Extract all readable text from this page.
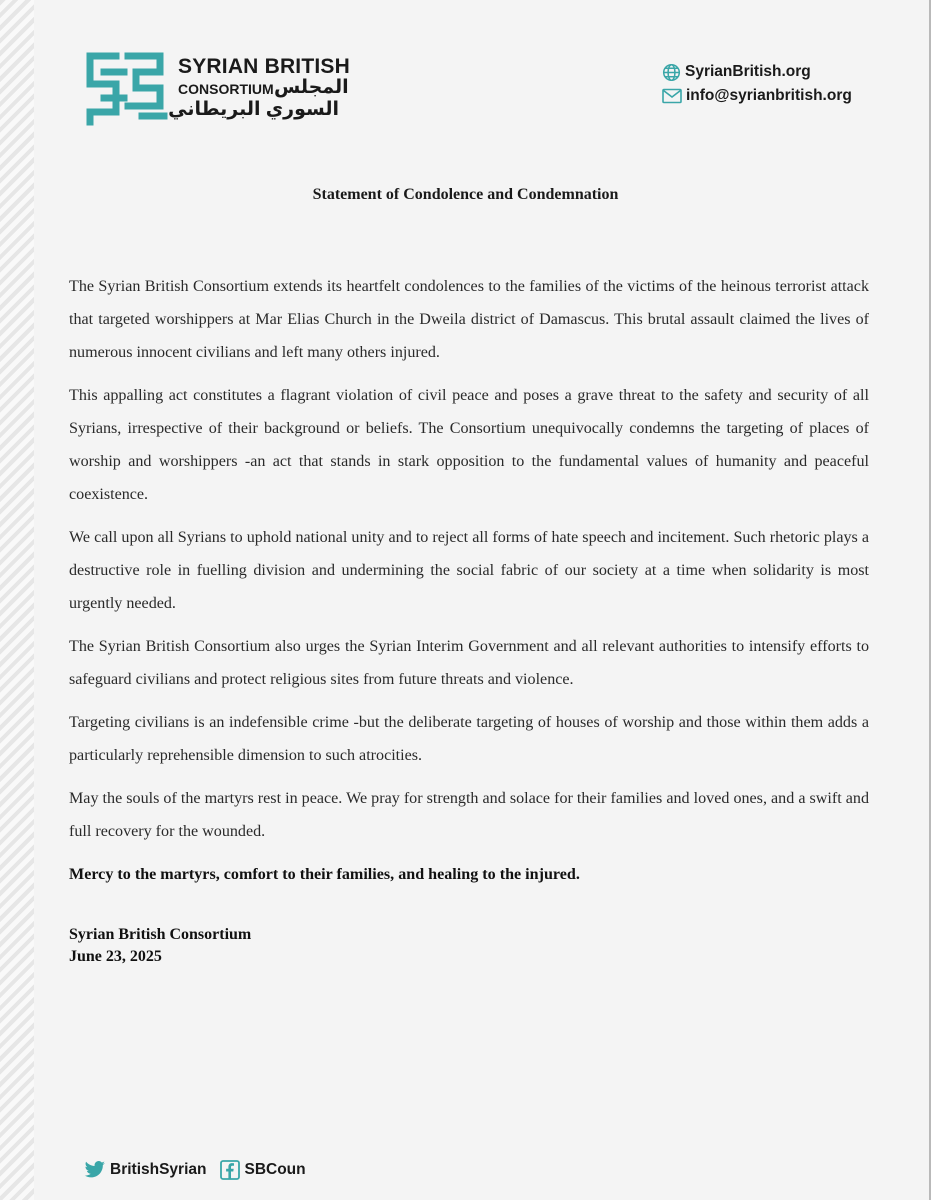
SYRIAN BRITISH
CONSORTIUM المجلس
السوري البريطاني
SyrianBritish.org
info@syrianbritish.org
Statement of Condolence and Condemnation

The Syrian British Consortium extends its heartfelt condolences to the families of the victims of the heinous terrorist attack that targeted worshippers at Mar Elias Church in the Dweila district of Damascus. This brutal assault claimed the lives of numerous innocent civilians and left many others injured.

This appalling act constitutes a flagrant violation of civil peace and poses a grave threat to the safety and security of all Syrians, irrespective of their background or beliefs. The Consortium unequivocally condemns the targeting of places of worship and worshippers -an act that stands in stark opposition to the fundamental values of humanity and peaceful coexistence.

We call upon all Syrians to uphold national unity and to reject all forms of hate speech and incitement. Such rhetoric plays a destructive role in fuelling division and undermining the social fabric of our society at a time when solidarity is most urgently needed.

The Syrian British Consortium also urges the Syrian Interim Government and all relevant authorities to intensify efforts to safeguard civilians and protect religious sites from future threats and violence.

Targeting civilians is an indefensible crime -but the deliberate targeting of houses of worship and those within them adds a particularly reprehensible dimension to such atrocities.

May the souls of the martyrs rest in peace. We pray for strength and solace for their families and loved ones, and a swift and full recovery for the wounded.

Mercy to the martyrs, comfort to their families, and healing to the injured.

Syrian British Consortium
June 23, 2025
BritishSyrian SBCoun
